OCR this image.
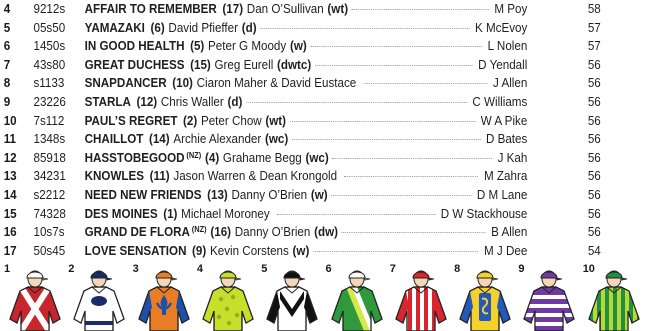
4 9212s AFFAIR TO REMEMBER (17) Dan O’Sullivan (wt)	M Poy	58
5 05s50 YAMAZAKI (6) David Pfieffer (d)	K McEvoy	57
6 1450s IN GOOD HEALTH (5) Peter G Moody (w)	L Nolen	57
7 43s80 GREAT DUCHESS (15) Greg Eurell (dwtc)	D Yendall	56
8 s1133 SNAPDANCER (10) Ciaron Maher & David Eustace	J Allen	56
9 23226 STARLA (12) Chris Waller (d)	C Williams	56
10 7s112 PAUL’S REGRET (2) Peter Chow (wt)	W A Pike	56
11 1348s CHAILLOT (14) Archie Alexander (wc)	D Bates	56
12 85918 HASSTOBEGOOD (NZ) (4) Grahame Begg (wc)	J Kah	56
13 34231 KNOWLES (11) Jason Warren & Dean Krongold	M Zahra	56
14 s2212 NEED NEW FRIENDS (13) Danny O’Brien (w)	D M Lane	56
15 74328 DES MOINES (1) Michael Moroney	D W Stackhouse	56
16 10s7s GRAND DE FLORA (NZ) (16) Danny O’Brien (dw)	B Allen	56
17 50s45 LOVE SENSATION (9) Kevin Corstens (w)	M J Dee	54
1	2	3	4	5	6	7	8	9	10
